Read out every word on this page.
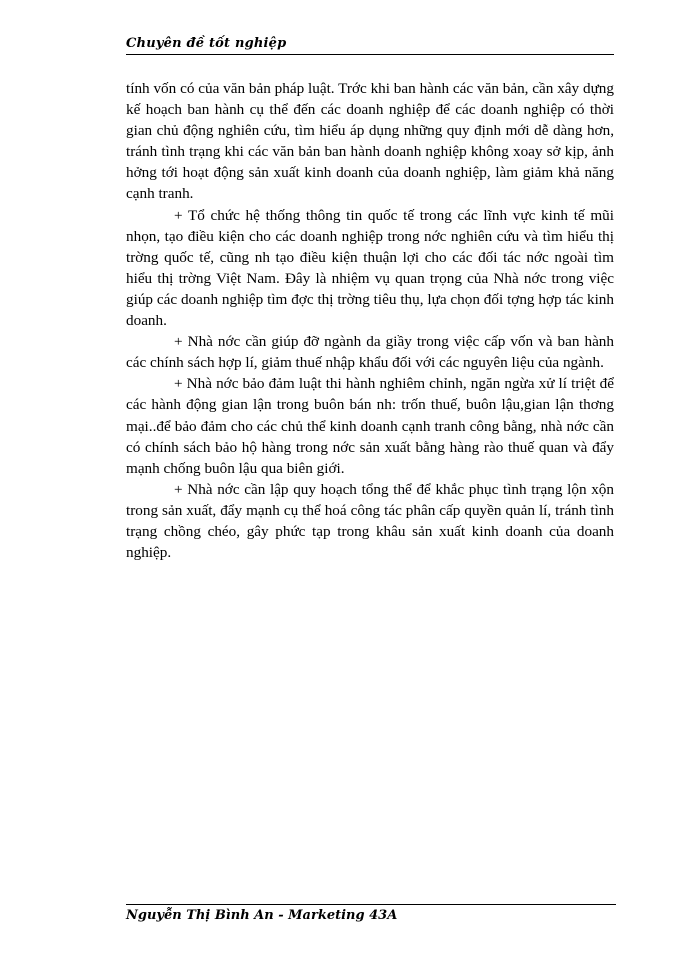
Chuyên đề tốt nghiệp

tính vốn có của văn bản pháp luật. Trớc khi ban hành các văn bản, cần xây dựng kế hoạch ban hành cụ thể đến các doanh nghiệp để các doanh nghiệp có thời gian chủ động nghiên cứu, tìm hiểu áp dụng những quy định mới dễ dàng hơn, tránh tình trạng khi các văn bản ban hành doanh nghiệp không xoay sở kịp, ảnh hởng tới hoạt động sản xuất kinh doanh của doanh nghiệp, làm giảm khả năng cạnh tranh.

+ Tổ chức hệ thống thông tin quốc tế trong các lĩnh vực kinh tế mũi nhọn, tạo điều kiện cho các doanh nghiệp trong nớc nghiên cứu và tìm hiểu thị trờng quốc tế, cũng nh tạo điều kiện thuận lợi cho các đối tác nớc ngoài tìm hiểu thị trờng Việt Nam. Đây là nhiệm vụ quan trọng của Nhà nớc trong việc giúp các doanh nghiệp tìm đợc thị trờng tiêu thụ, lựa chọn đối tợng hợp tác kinh doanh.

+ Nhà nớc cần giúp đỡ ngành da giầy trong việc cấp vốn và ban hành các chính sách hợp lí, giảm thuế nhập khẩu đối với các nguyên liệu của ngành.

+ Nhà nớc bảo đảm luật thi hành nghiêm chỉnh, ngăn ngừa xử lí triệt để các hành động gian lận trong buôn bán nh: trốn thuế, buôn lậu,gian lận thơng mại..để bảo đảm cho các chủ thể kinh doanh cạnh tranh công bằng, nhà nớc cần có chính sách bảo hộ hàng trong nớc sản xuất bằng hàng rào thuế quan và đẩy mạnh chống buôn lậu qua biên giới.

+ Nhà nớc cần lập quy hoạch tổng thể để khắc phục tình trạng lộn xộn trong sản xuất, đẩy mạnh cụ thể hoá công tác phân cấp quyền quản lí, tránh tình trạng chồng chéo, gây phức tạp trong khâu sản xuất kinh doanh của doanh nghiệp.

Nguyễn Thị Bình An - Marketing 43A
